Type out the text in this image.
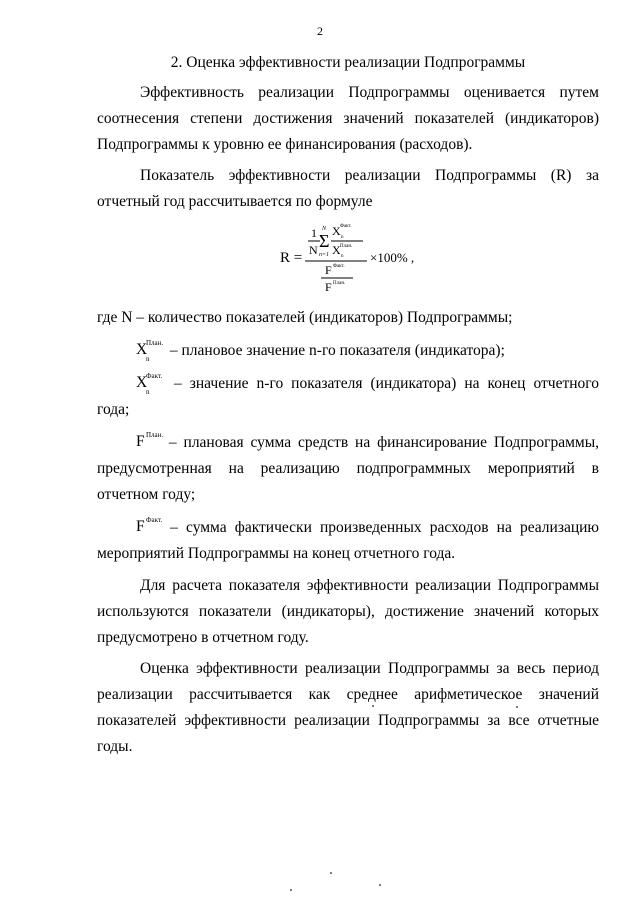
2
2. Оценка эффективности реализации Подпрограммы

Эффективность реализации Подпрограммы оценивается путем соотнесения степени достижения значений показателей (индикаторов) Подпрограммы к уровню ее финансирования (расходов).

Показатель эффективности реализации Подпрограммы (R) за отчетный год рассчитывается по формуле

R =
1
N
N
Σ
n=1
X Факт.
n
X План.
n
F Факт.
F План.
×100% ,

где N – количество показателей (индикаторов) Подпрограммы;

X
План.
n – плановое значение n-го показателя (индикатора);

X
Факт.
n – значение n-го показателя (индикатора) на конец отчетного года;

F План. – плановая сумма средств на финансирование Подпрограммы, предусмотренная на реализацию подпрограммных мероприятий в отчетном году;

F Факт. – сумма фактически произведенных расходов на реализацию мероприятий Подпрограммы на конец отчетного года.

Для расчета показателя эффективности реализации Подпрограммы используются показатели (индикаторы), достижение значений которых предусмотрено в отчетном году.

Оценка эффективности реализации Подпрограммы за весь период реализации рассчитывается как среднее арифметическое значений показателей эффективности реализации Подпрограммы за все отчетные годы.
